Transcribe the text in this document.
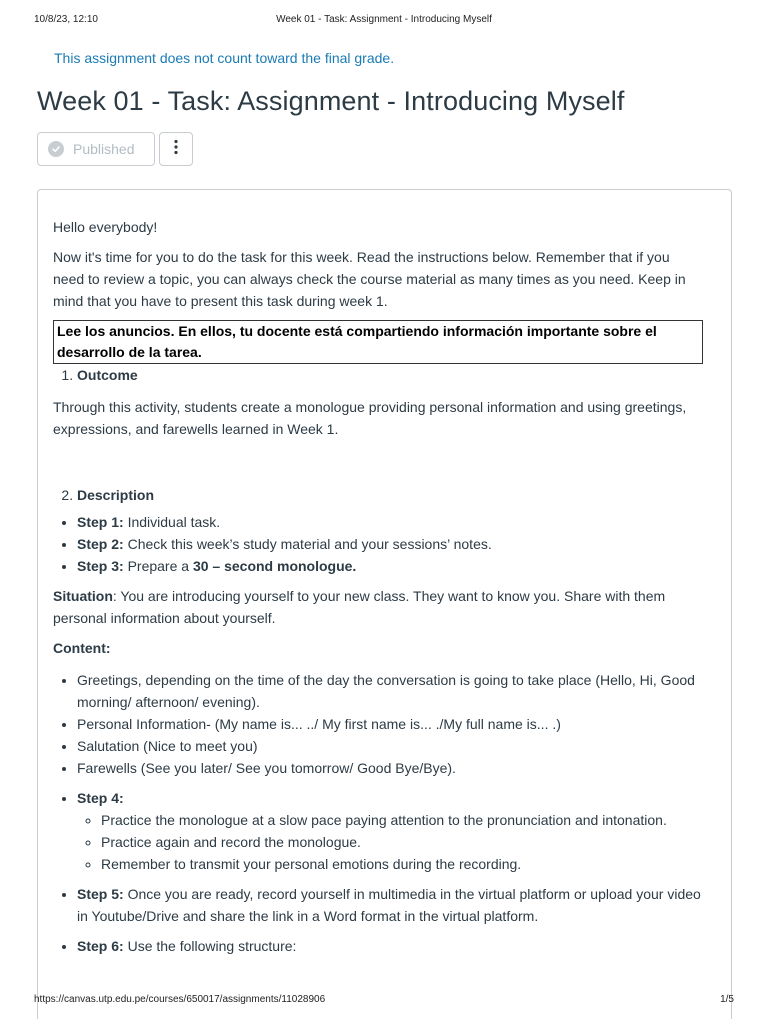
10/8/23, 12:10	Week 01 - Task: Assignment - Introducing Myself
This assignment does not count toward the final grade.
Week 01 - Task: Assignment - Introducing Myself
Published

Hello everybody!

Now it's time for you to do the task for this week. Read the instructions below. Remember that if you need to review a topic, you can always check the course material as many times as you need. Keep in mind that you have to present this task during week 1.

Lee los anuncios. En ellos, tu docente está compartiendo información importante sobre el desarrollo de la tarea.
1. Outcome

Through this activity, students create a monologue providing personal information and using greetings, expressions, and farewells learned in Week 1.

2. Description
• Step 1: Individual task.
• Step 2: Check this week’s study material and your sessions’ notes.
• Step 3: Prepare a 30 – second monologue.

Situation: You are introducing yourself to your new class. They want to know you. Share with them personal information about yourself.

Content:

• Greetings, depending on the time of the day the conversation is going to take place (Hello, Hi, Good morning/ afternoon/ evening).
• Personal Information- (My name is... ../ My first name is... ./My full name is... .)
• Salutation (Nice to meet you)
• Farewells (See you later/ See you tomorrow/ Good Bye/Bye).
• Step 4:
◦ Practice the monologue at a slow pace paying attention to the pronunciation and intonation.
◦ Practice again and record the monologue.
◦ Remember to transmit your personal emotions during the recording.
• Step 5: Once you are ready, record yourself in multimedia in the virtual platform or upload your video in Youtube/Drive and share the link in a Word format in the virtual platform.
• Step 6: Use the following structure:
https://canvas.utp.edu.pe/courses/650017/assignments/11028906	1/5
